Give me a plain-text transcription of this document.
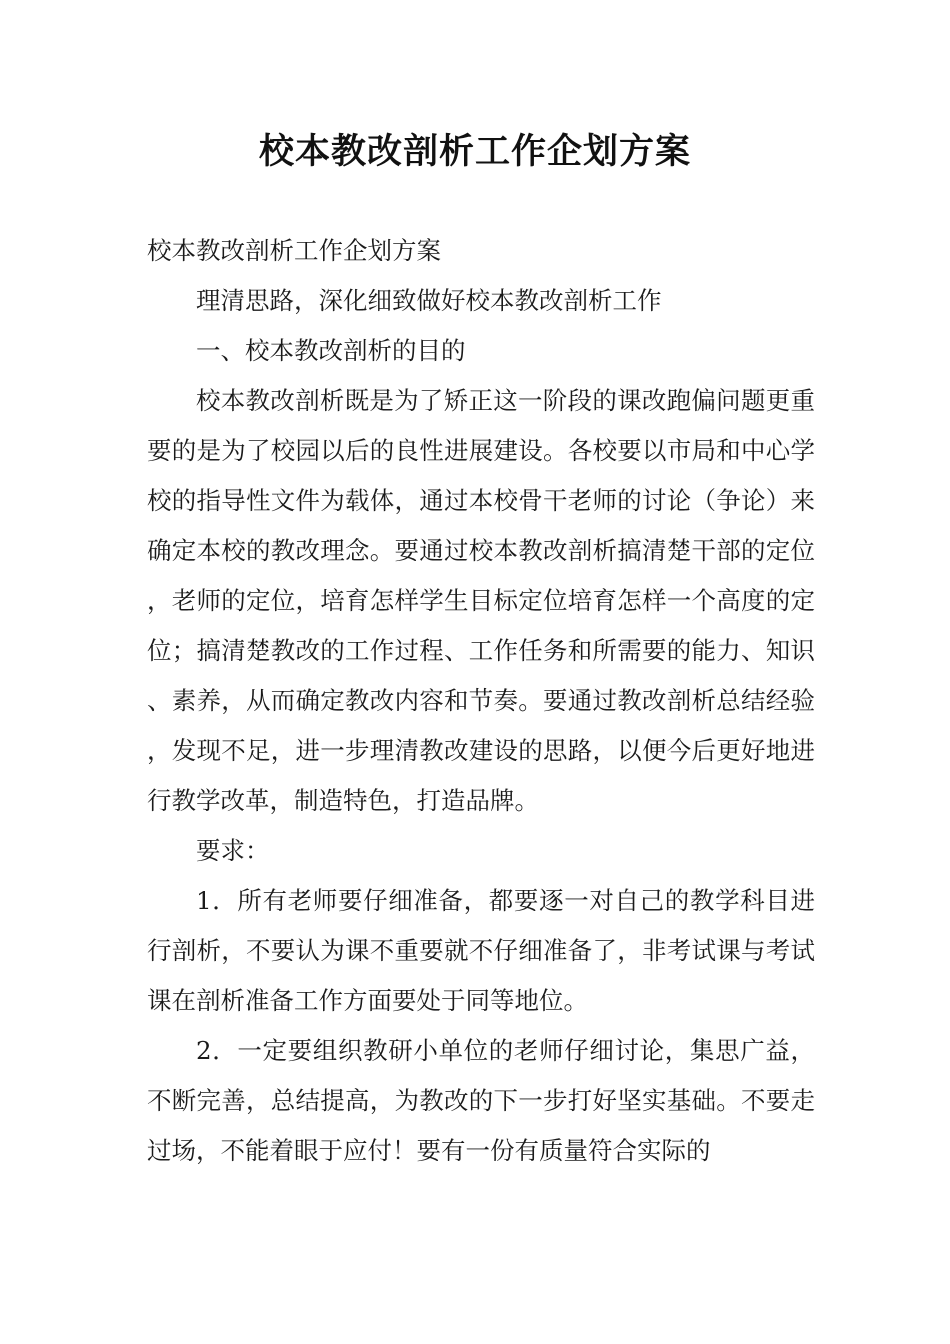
校本教改剖析工作企划方案

校本教改剖析工作企划方案

理清思路，深化细致做好校本教改剖析工作

一、校本教改剖析的目的

校本教改剖析既是为了矫正这一阶段的课改跑偏问题更重要的是为了校园以后的良性进展建设。各校要以市局和中心学校的指导性文件为载体，通过本校骨干老师的讨论（争论）来确定本校的教改理念。要通过校本教改剖析搞清楚干部的定位，老师的定位，培育怎样学生目标定位培育怎样一个高度的定位；搞清楚教改的工作过程、工作任务和所需要的能力、知识、素养，从而确定教改内容和节奏。要通过教改剖析总结经验，发现不足，进一步理清教改建设的思路，以便今后更好地进行教学改革，制造特色，打造品牌。

要求：

1．所有老师要仔细准备，都要逐一对自己的教学科目进行剖析，不要认为课不重要就不仔细准备了，非考试课与考试课在剖析准备工作方面要处于同等地位。

2．一定要组织教研小单位的老师仔细讨论，集思广益，不断完善，总结提高，为教改的下一步打好坚实基础。不要走过场，不能着眼于应付！要有一份有质量符合实际的
